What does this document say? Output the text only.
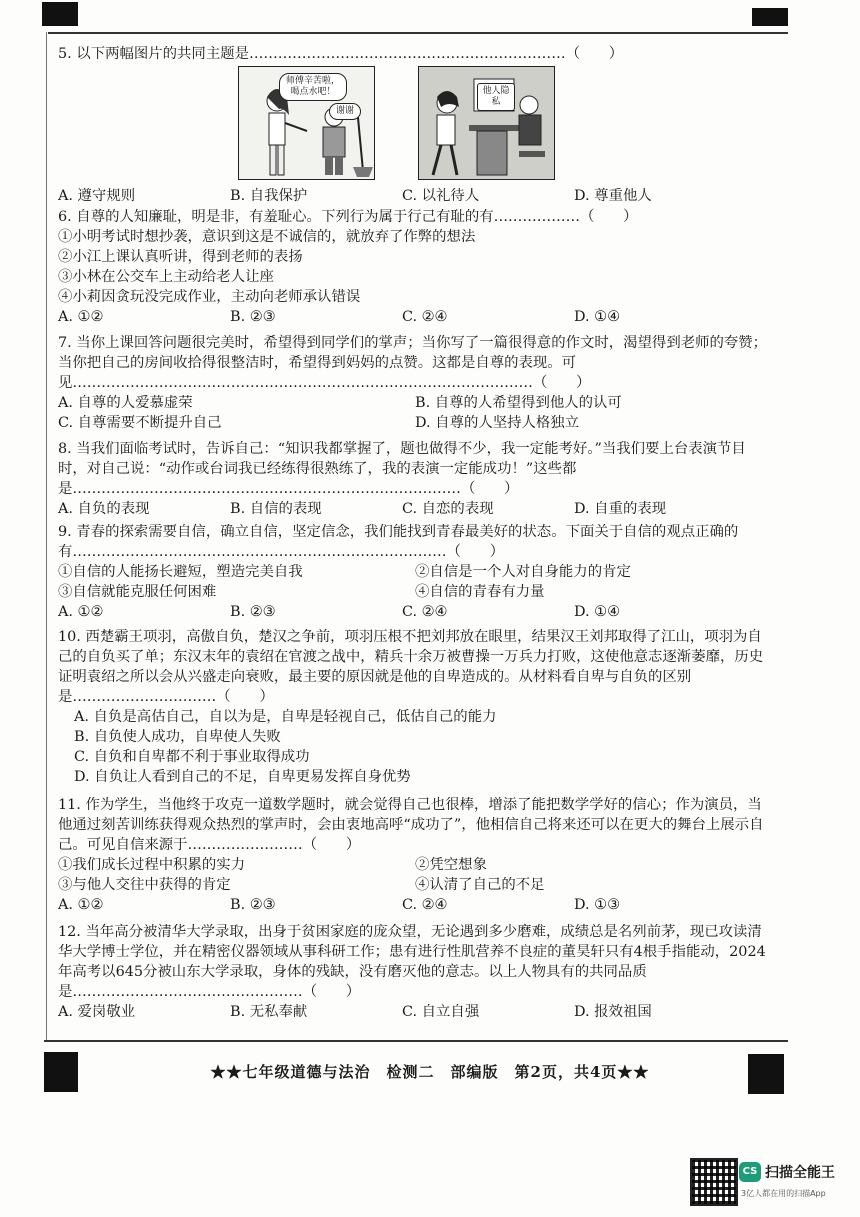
5. 以下两幅图片的共同主题是…………………………………………………………（　　）

师傅辛苦啦，喝点水吧！
谢谢
他人隐私
A. 遵守规则	B. 自我保护	C. 以礼待人	D. 尊重他人

6. 自尊的人知廉耻，明是非，有羞耻心。下列行为属于行己有耻的有………………（　　）

①小明考试时想抄袭，意识到这是不诚信的，就放弃了作弊的想法

②小江上课认真听讲，得到老师的表扬

③小林在公交车上主动给老人让座

④小莉因贪玩没完成作业，主动向老师承认错误

A. ①②	B. ②③	C. ②④	D. ①④

7. 当你上课回答问题很完美时，希望得到同学们的掌声；当你写了一篇很得意的作文时，渴望得到老师的夸赞；当你把自己的房间收拾得很整洁时，希望得到妈妈的点赞。这都是自尊的表现。可见……………………………………………………………………………………（　　）

A. 自尊的人爱慕虚荣	B. 自尊的人希望得到他人的认可
C. 自尊需要不断提升自己	D. 自尊的人坚持人格独立

8. 当我们面临考试时，告诉自己：“知识我都掌握了，题也做得不少，我一定能考好。”当我们要上台表演节目时，对自己说：“动作或台词我已经练得很熟练了，我的表演一定能成功！”这些都是………………………………………………………………………（　　）

A. 自负的表现	B. 自信的表现	C. 自恋的表现	D. 自重的表现

9. 青春的探索需要自信，确立自信，坚定信念，我们能找到青春最美好的状态。下面关于自信的观点正确的有……………………………………………………………………（　　）

①自信的人能扬长避短，塑造完美自我	②自信是一个人对自身能力的肯定
③自信就能克服任何困难	④自信的青春有力量
A. ①②	B. ②③	C. ②④	D. ①④

10. 西楚霸王项羽，高傲自负，楚汉之争前，项羽压根不把刘邦放在眼里，结果汉王刘邦取得了江山，项羽为自己的自负买了单；东汉末年的袁绍在官渡之战中，精兵十余万被曹操一万兵力打败，这使他意志逐渐萎靡，历史证明袁绍之所以会从兴盛走向衰败，最主要的原因就是他的自卑造成的。从材料看自卑与自负的区别是…………………………（　　）

A. 自负是高估自己，自以为是，自卑是轻视自己，低估自己的能力

B. 自负使人成功，自卑使人失败

C. 自负和自卑都不利于事业取得成功

D. 自负让人看到自己的不足，自卑更易发挥自身优势

11. 作为学生，当他终于攻克一道数学题时，就会觉得自己也很棒，增添了能把数学学好的信心；作为演员，当他通过刻苦训练获得观众热烈的掌声时，会由衷地高呼“成功了”，他相信自己将来还可以在更大的舞台上展示自己。可见自信来源于……………………（　　）

①我们成长过程中积累的实力	②凭空想象
③与他人交往中获得的肯定	④认清了自己的不足
A. ①②	B. ②③	C. ②④	D. ①③

12. 当年高分被清华大学录取，出身于贫困家庭的庞众望，无论遇到多少磨难，成绩总是名列前茅，现已攻读清华大学博士学位，并在精密仪器领域从事科研工作；患有进行性肌营养不良症的董昊轩只有4根手指能动，2024年高考以645分被山东大学录取，身体的残缺，没有磨灭他的意志。以上人物具有的共同品质是…………………………………………（　　）

A. 爱岗敬业	B. 无私奉献	C. 自立自强	D. 报效祖国
★★七年级道德与法治　检测二　部编版　第2页，共4页★★
CS 扫描全能王
3亿人都在用的扫描App
